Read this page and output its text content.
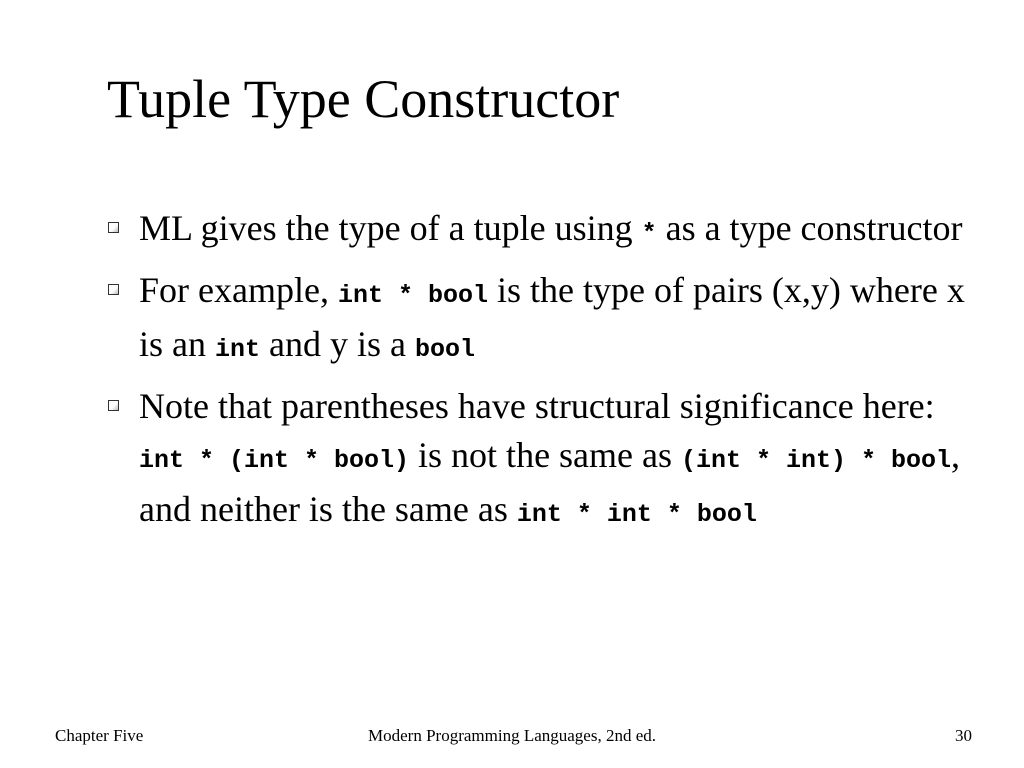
Tuple Type Constructor
ML gives the type of a tuple using * as a type constructor
For example, int * bool is the type of pairs (x,y) where x is an int and y is a bool
Note that parentheses have structural significance here: int * (int * bool) is not the same as (int * int) * bool, and neither is the same as int * int * bool
Chapter Five	Modern Programming Languages, 2nd ed.	30
